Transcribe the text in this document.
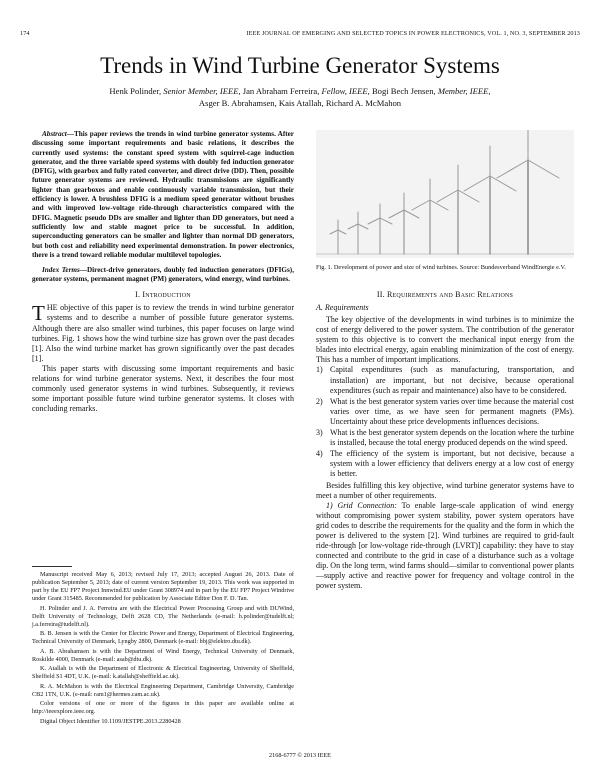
174	IEEE JOURNAL OF EMERGING AND SELECTED TOPICS IN POWER ELECTRONICS, VOL. 1, NO. 3, SEPTEMBER 2013
Trends in Wind Turbine Generator Systems
Henk Polinder, Senior Member, IEEE, Jan Abraham Ferreira, Fellow, IEEE, Bogi Bech Jensen, Member, IEEE,
Asger B. Abrahamsen, Kais Atallah, Richard A. McMahon

Abstract—This paper reviews the trends in wind turbine generator systems. After discussing some important requirements and basic relations, it describes the currently used systems: the constant speed system with squirrel-cage induction generator, and the three variable speed systems with doubly fed induction generator (DFIG), with gearbox and fully rated converter, and direct drive (DD). Then, possible future generator systems are reviewed. Hydraulic transmissions are significantly lighter than gearboxes and enable continuously variable transmission, but their efficiency is lower. A brushless DFIG is a medium speed generator without brushes and with improved low-voltage ride-through characteristics compared with the DFIG. Magnetic pseudo DDs are smaller and lighter than DD generators, but need a sufficiently low and stable magnet price to be successful. In addition, superconducting generators can be smaller and lighter than normal DD generators, but both cost and reliability need experimental demonstration. In power electronics, there is a trend toward reliable modular multilevel topologies.

Index Terms—Direct-drive generators, doubly fed induction generators (DFIGs), generator systems, permanent magnet (PM) generators, wind energy, wind turbines.

I. Introduction

THE objective of this paper is to review the trends in wind turbine generator systems and to describe a number of possible future generator systems. Although there are also smaller wind turbines, this paper focuses on large wind turbines. Fig. 1 shows how the wind turbine size has grown over the past decades [1]. Also the wind turbine market has grown significantly over the past decades [1].

This paper starts with discussing some important requirements and basic relations for wind turbine generator systems. Next, it describes the four most commonly used generator systems in wind turbines. Subsequently, it reviews some important possible future wind turbine generator systems. It closes with concluding remarks.

Manuscript received May 6, 2013; revised July 17, 2013; accepted August 26, 2013. Date of publication September 5, 2013; date of current version September 19, 2013. This work was supported in part by the EU FP7 Project Innwind.EU under Grant 308974 and in part by the EU FP7 Project Windrive under Grant 315485. Recommended for publication by Associate Editor Don F. D. Tan.

H. Polinder and J. A. Ferreira are with the Electrical Power Processing Group and with DUWind, Delft University of Technology, Delft 2628 CD, The Netherlands (e-mail: h.polinder@tudelft.nl; j.a.ferreira@tudelft.nl).

B. B. Jensen is with the Center for Electric Power and Energy, Department of Electrical Engineering, Technical University of Denmark, Lyngby 2800, Denmark (e-mail: bbj@elektro.dtu.dk).

A. B. Abrahamsen is with the Department of Wind Energy, Technical University of Denmark, Roskilde 4000, Denmark (e-mail: asab@dtu.dk).

K. Atallah is with the Department of Electronic & Electrical Engineering, University of Sheffield, Sheffield S1 4DT, U.K. (e-mail: k.atallah@sheffield.ac.uk).

R. A. McMahon is with the Electrical Engineering Department, Cambridge University, Cambridge CB2 1TN, U.K. (e-mail: ram1@hermes.cam.ac.uk).

Color versions of one or more of the figures in this paper are available online at http://ieeexplore.ieee.org.

Digital Object Identifier 10.1109/JESTPE.2013.2280428

Fig. 1. Development of power and size of wind turbines. Source: Bundesverband WindEnergie e.V.
II. Requirements and Basic Relations
A. Requirements

The key objective of the developments in wind turbines is to minimize the cost of energy delivered to the power system. The contribution of the generator system to this objective is to convert the mechanical input energy from the blades into electrical energy, again enabling minimization of the cost of energy. This has a number of important implications.

1) Capital expenditures (such as manufacturing, transportation, and installation) are important, but not decisive, because operational expenditures (such as repair and maintenance) also have to be considered.
2) What is the best generator system varies over time because the material cost varies over time, as we have seen for permanent magnets (PMs). Uncertainty about these price developments influences decisions.
3) What is the best generator system depends on the location where the turbine is installed, because the total energy produced depends on the wind speed.
4) The efficiency of the system is important, but not decisive, because a system with a lower efficiency that delivers energy at a low cost of energy is better.

Besides fulfilling this key objective, wind turbine generator systems have to meet a number of other requirements.

1) Grid Connection: To enable large-scale application of wind energy without compromising power system stability, power system operators have grid codes to describe the requirements for the quality and the form in which the power is delivered to the system [2]. Wind turbines are required to grid-fault ride-through [or low-voltage ride-through (LVRT)] capability: they have to stay connected and contribute to the grid in case of a disturbance such as a voltage dip. On the long term, wind farms should—similar to conventional power plants—supply active and reactive power for frequency and voltage control in the power system.

2168-6777 © 2013 IEEE
